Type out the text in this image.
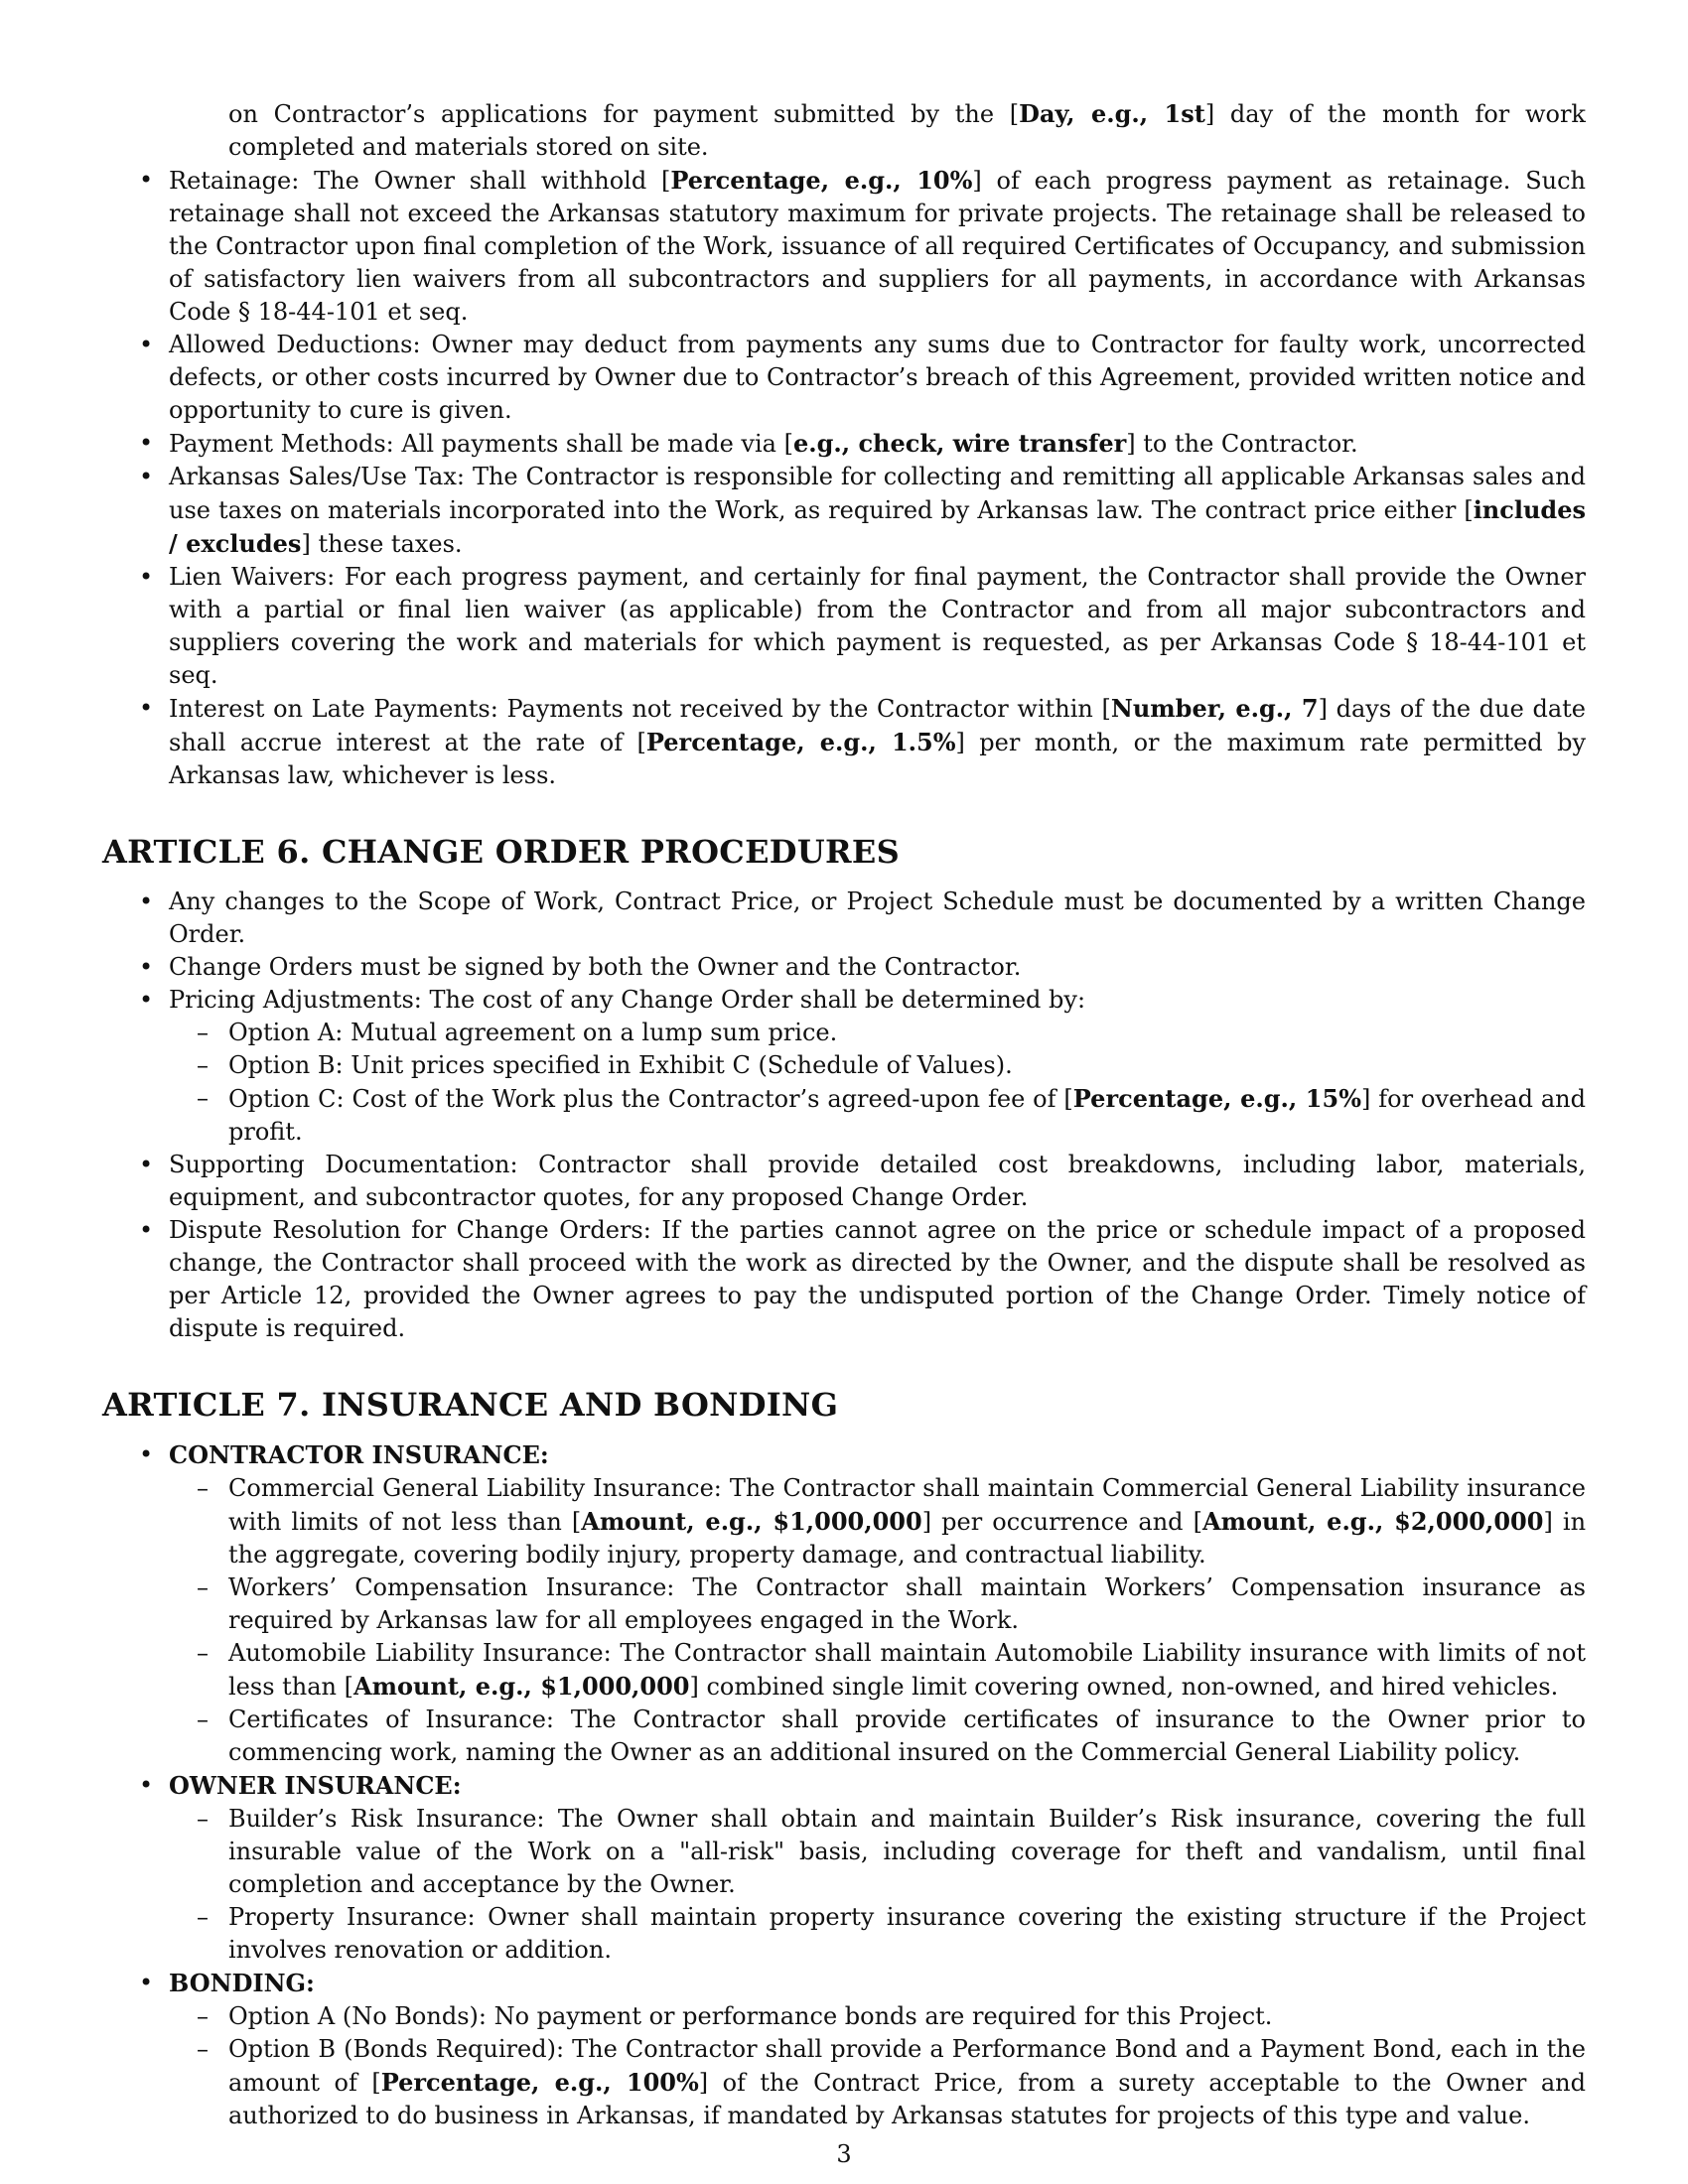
on Contractor’s applications for payment submitted by the [Day, e.g., 1st] day of the month for work completed and materials stored on site.

• Retainage: The Owner shall withhold [Percentage, e.g., 10%] of each progress payment as retainage. Such retainage shall not exceed the Arkansas statutory maximum for private projects. The retainage shall be released to the Contractor upon final completion of the Work, issuance of all required Certificates of Occupancy, and submission of satisfactory lien waivers from all subcontractors and suppliers for all payments, in accordance with Arkansas Code § 18-44-101 et seq.
• Allowed Deductions: Owner may deduct from payments any sums due to Contractor for faulty work, uncorrected defects, or other costs incurred by Owner due to Contractor’s breach of this Agreement, provided written notice and opportunity to cure is given.
• Payment Methods: All payments shall be made via [e.g., check, wire transfer] to the Contractor.
• Arkansas Sales/Use Tax: The Contractor is responsible for collecting and remitting all applicable Arkansas sales and use taxes on materials incorporated into the Work, as required by Arkansas law. The contract price either [includes / excludes] these taxes.
• Lien Waivers: For each progress payment, and certainly for final payment, the Contractor shall provide the Owner with a partial or final lien waiver (as applicable) from the Contractor and from all major subcontractors and suppliers covering the work and materials for which payment is requested, as per Arkansas Code § 18-44-101 et seq.
• Interest on Late Payments: Payments not received by the Contractor within [Number, e.g., 7] days of the due date shall accrue interest at the rate of [Percentage, e.g., 1.5%] per month, or the maximum rate permitted by Arkansas law, whichever is less.
ARTICLE 6. CHANGE ORDER PROCEDURES
• Any changes to the Scope of Work, Contract Price, or Project Schedule must be documented by a written Change Order.
• Change Orders must be signed by both the Owner and the Contractor.
• Pricing Adjustments: The cost of any Change Order shall be determined by:
– Option A: Mutual agreement on a lump sum price.
– Option B: Unit prices specified in Exhibit C (Schedule of Values).
– Option C: Cost of the Work plus the Contractor’s agreed-upon fee of [Percentage, e.g., 15%] for overhead and profit.
• Supporting Documentation: Contractor shall provide detailed cost breakdowns, including labor, materials, equipment, and subcontractor quotes, for any proposed Change Order.
• Dispute Resolution for Change Orders: If the parties cannot agree on the price or schedule impact of a proposed change, the Contractor shall proceed with the work as directed by the Owner, and the dispute shall be resolved as per Article 12, provided the Owner agrees to pay the undisputed portion of the Change Order. Timely notice of dispute is required.
ARTICLE 7. INSURANCE AND BONDING
• CONTRACTOR INSURANCE:
– Commercial General Liability Insurance: The Contractor shall maintain Commercial General Liability insurance with limits of not less than [Amount, e.g., $1,000,000] per occurrence and [Amount, e.g., $2,000,000] in the aggregate, covering bodily injury, property damage, and contractual liability.
– Workers’ Compensation Insurance: The Contractor shall maintain Workers’ Compensation insurance as required by Arkansas law for all employees engaged in the Work.
– Automobile Liability Insurance: The Contractor shall maintain Automobile Liability insurance with limits of not less than [Amount, e.g., $1,000,000] combined single limit covering owned, non-owned, and hired vehicles.
– Certificates of Insurance: The Contractor shall provide certificates of insurance to the Owner prior to commencing work, naming the Owner as an additional insured on the Commercial General Liability policy.
• OWNER INSURANCE:
– Builder’s Risk Insurance: The Owner shall obtain and maintain Builder’s Risk insurance, covering the full insurable value of the Work on a "all-risk" basis, including coverage for theft and vandalism, until final completion and acceptance by the Owner.
– Property Insurance: Owner shall maintain property insurance covering the existing structure if the Project involves renovation or addition.
• BONDING:
– Option A (No Bonds): No payment or performance bonds are required for this Project.
– Option B (Bonds Required): The Contractor shall provide a Performance Bond and a Payment Bond, each in the amount of [Percentage, e.g., 100%] of the Contract Price, from a surety acceptable to the Owner and authorized to do business in Arkansas, if mandated by Arkansas statutes for projects of this type and value.
3
